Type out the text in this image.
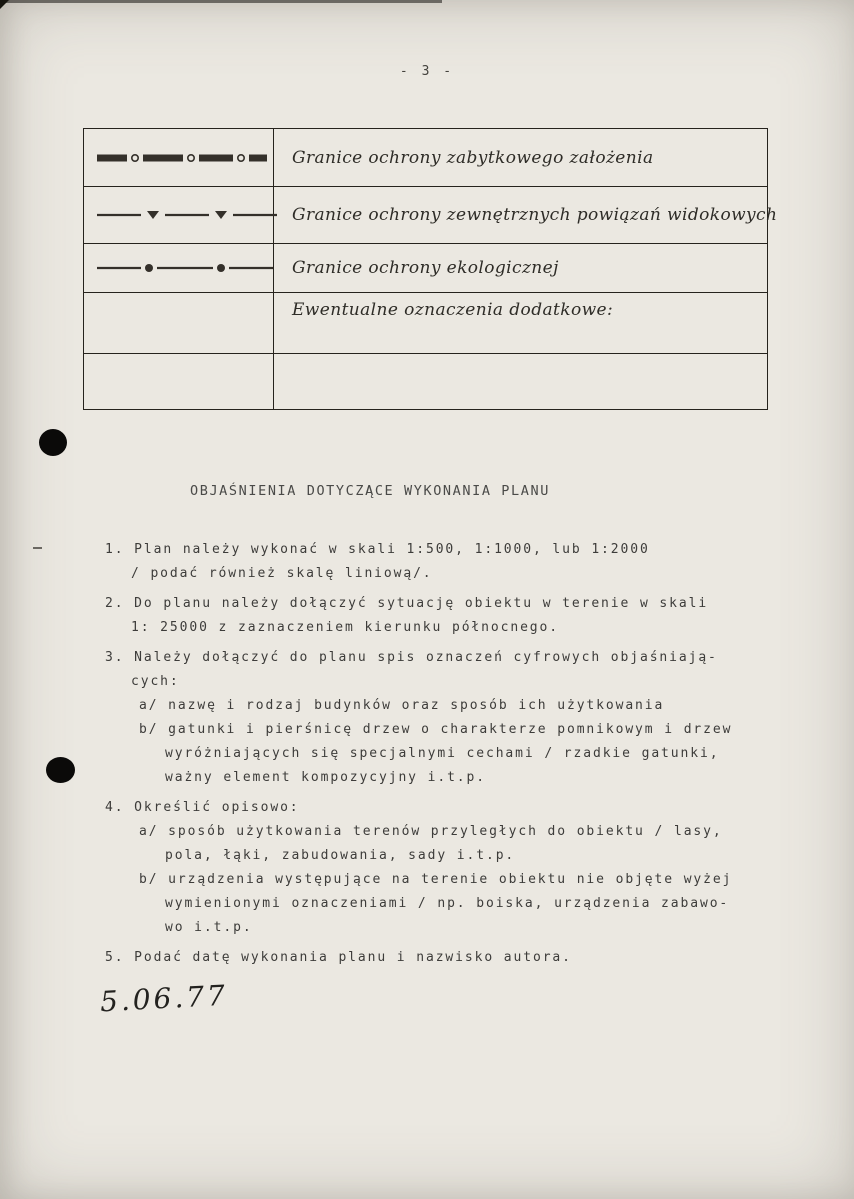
- 3 -
	Granice ochrony zabytkowego założenia

	Granice ochrony zewnętrznych powiązań widokowych

	Granice ochrony ekologicznej
	Ewentualne oznaczenia dodatkowe:

OBJAŚNIENIA DOTYCZĄCE WYKONANIA PLANU
1. Plan należy wykonać w skali 1:500, 1:1000, lub 1:2000
/ podać również skalę liniową/.
2. Do planu należy dołączyć sytuację obiektu w terenie w skali
1: 25000 z zaznaczeniem kierunku północnego.
3. Należy dołączyć do planu spis oznaczeń cyfrowych objaśniają-
cych:
a/ nazwę i rodzaj budynków oraz sposób ich użytkowania
b/ gatunki i pierśnicę drzew o charakterze pomnikowym i drzew
wyróżniających się specjalnymi cechami / rzadkie gatunki,
ważny element kompozycyjny i.t.p.
4. Określić opisowo:
a/ sposób użytkowania terenów przyległych do obiektu / lasy,
pola, łąki, zabudowania, sady i.t.p.
b/ urządzenia występujące na terenie obiektu nie objęte wyżej
wymienionymi oznaczeniami / np. boiska, urządzenia zabawo-
wo i.t.p.
5. Podać datę wykonania planu i nazwisko autora.
5.06.77
